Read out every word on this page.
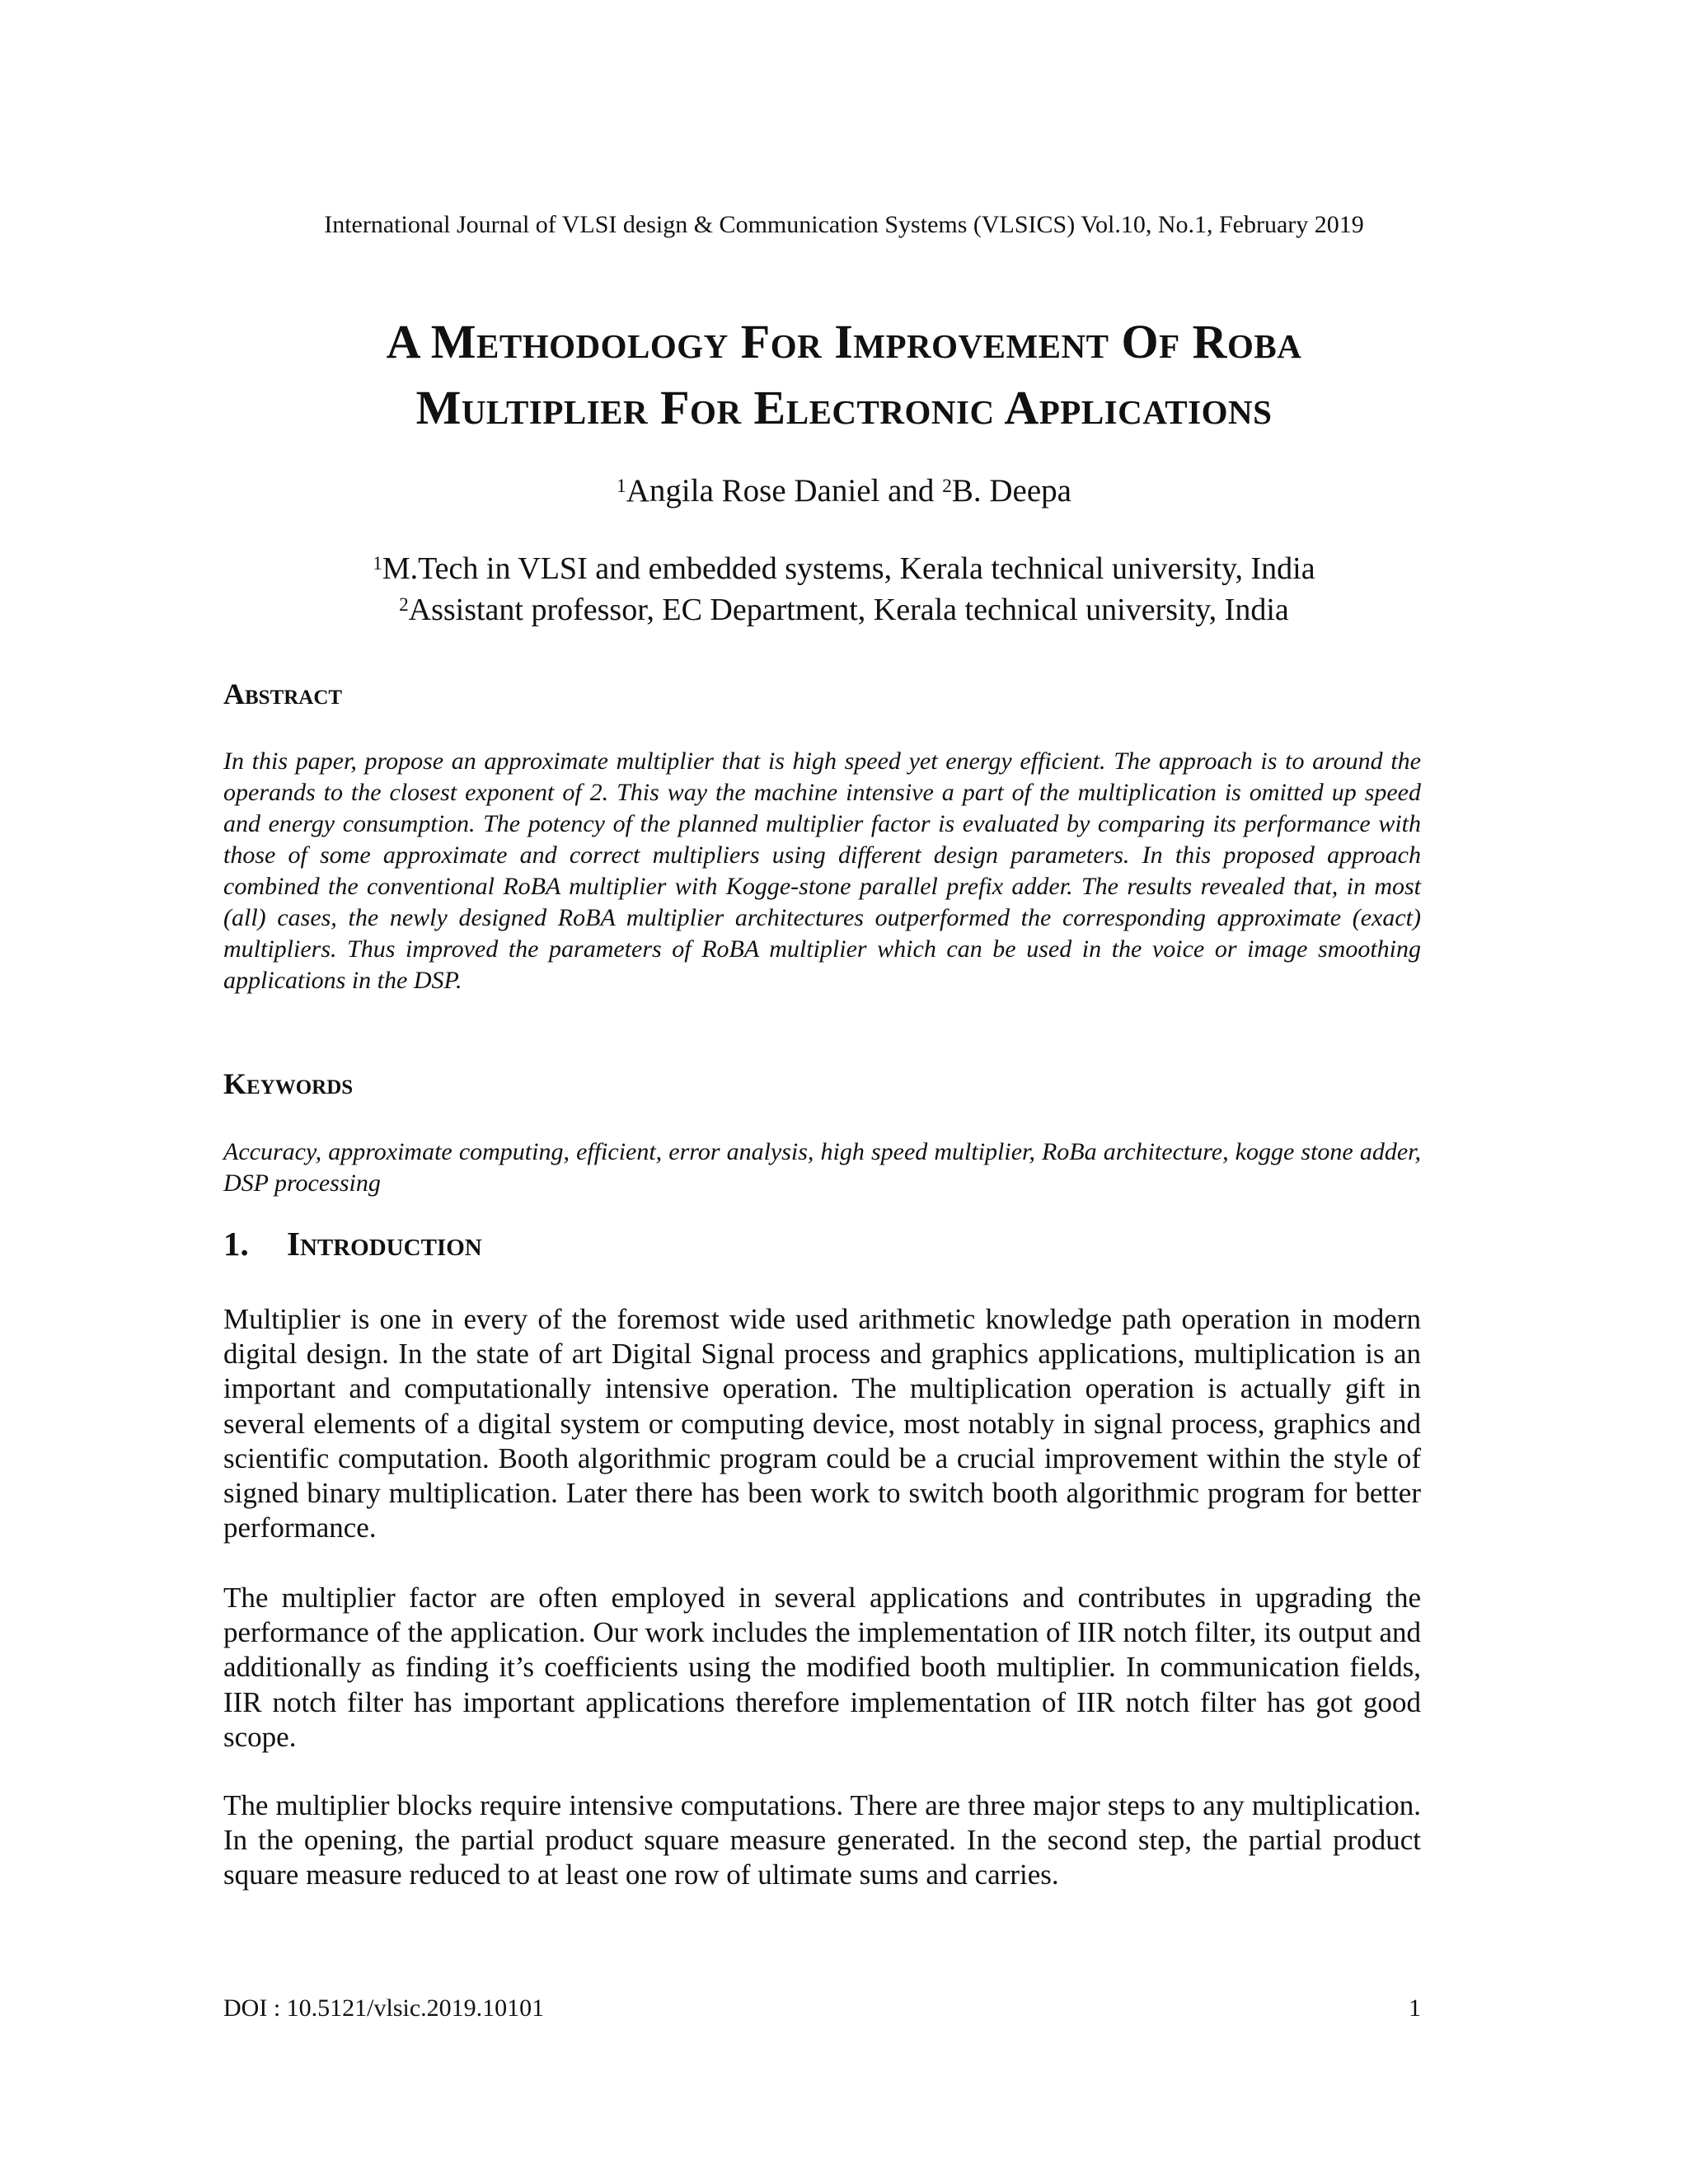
International Journal of VLSI design & Communication Systems (VLSICS) Vol.10, No.1, February 2019
A Methodology For Improvement Of Roba
Multiplier For Electronic Applications
$^1$Angila Rose Daniel and $^2$B. Deepa
$^1$M.Tech in VLSI and embedded systems, Kerala technical university, India
$^2$Assistant professor, EC Department, Kerala technical university, India
Abstract
In this paper, propose an approximate multiplier that is high speed yet energy efficient. The approach is to around the operands to the closest exponent of 2. This way the machine intensive a part of the multiplication is omitted up speed and energy consumption. The potency of the planned multiplier factor is evaluated by comparing its performance with those of some approximate and correct multipliers using different design parameters. In this proposed approach combined the conventional RoBA multiplier with Kogge-stone parallel prefix adder. The results revealed that, in most (all) cases, the newly designed RoBA multiplier architectures outperformed the corresponding approximate (exact) multipliers. Thus improved the parameters of RoBA multiplier which can be used in the voice or image smoothing applications in the DSP.
Keywords
Accuracy, approximate computing, efficient, error analysis, high speed multiplier, RoBa architecture, kogge stone adder, DSP processing
1. Introduction
Multiplier is one in every of the foremost wide used arithmetic knowledge path operation in modern digital design. In the state of art Digital Signal process and graphics applications, multiplication is an important and computationally intensive operation. The multiplication operation is actually gift in several elements of a digital system or computing device, most notably in signal process, graphics and scientific computation. Booth algorithmic program could be a crucial improvement within the style of signed binary multiplication. Later there has been work to switch booth algorithmic program for better performance.
The multiplier factor are often employed in several applications and contributes in upgrading the performance of the application. Our work includes the implementation of IIR notch filter, its output and additionally as finding it’s coefficients using the modified booth multiplier. In communication fields, IIR notch filter has important applications therefore implementation of IIR notch filter has got good scope.
The multiplier blocks require intensive computations. There are three major steps to any multiplication. In the opening, the partial product square measure generated. In the second step, the partial product square measure reduced to at least one row of ultimate sums and carries.
DOI : 10.5121/vlsic.2019.10101	1
